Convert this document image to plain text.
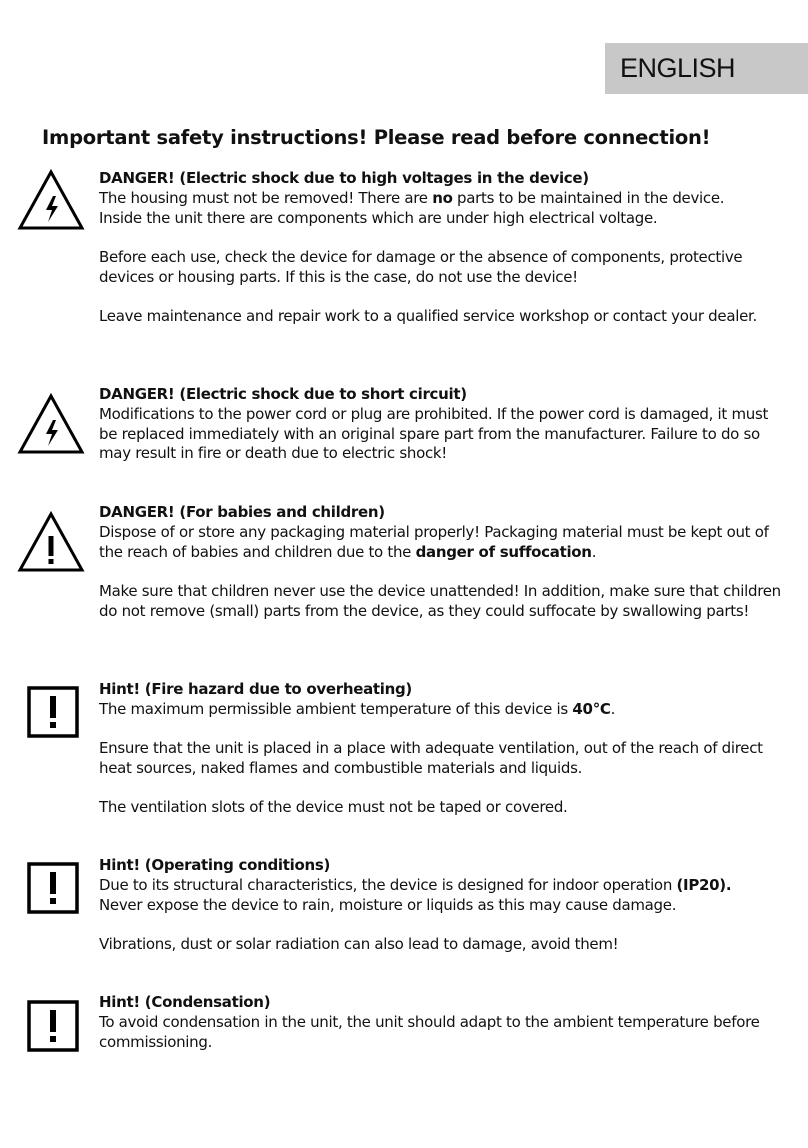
ENGLISH
Important safety instructions! Please read before connection!

DANGER! (Electric shock due to high voltages in the device)
The housing must not be removed! There are no parts to be maintained in the device.
Inside the unit there are components which are under high electrical voltage.

Before each use, check the device for damage or the absence of components, protective devices or housing parts. If this is the case, do not use the device!

Leave maintenance and repair work to a qualified service workshop or contact your dealer.

DANGER! (Electric shock due to short circuit)
Modifications to the power cord or plug are prohibited. If the power cord is damaged, it must be replaced immediately with an original spare part from the manufacturer. Failure to do so may result in fire or death due to electric shock!

DANGER! (For babies and children)
Dispose of or store any packaging material properly! Packaging material must be kept out of the reach of babies and children due to the danger of suffocation.

Make sure that children never use the device unattended! In addition, make sure that children do not remove (small) parts from the device, as they could suffocate by swallowing parts!

Hint! (Fire hazard due to overheating)
The maximum permissible ambient temperature of this device is 40°C.

Ensure that the unit is placed in a place with adequate ventilation, out of the reach of direct heat sources, naked flames and combustible materials and liquids.

The ventilation slots of the device must not be taped or covered.

Hint! (Operating conditions)
Due to its structural characteristics, the device is designed for indoor operation (IP20).
Never expose the device to rain, moisture or liquids as this may cause damage.

Vibrations, dust or solar radiation can also lead to damage, avoid them!

Hint! (Condensation)
To avoid condensation in the unit, the unit should adapt to the ambient temperature before commissioning.
